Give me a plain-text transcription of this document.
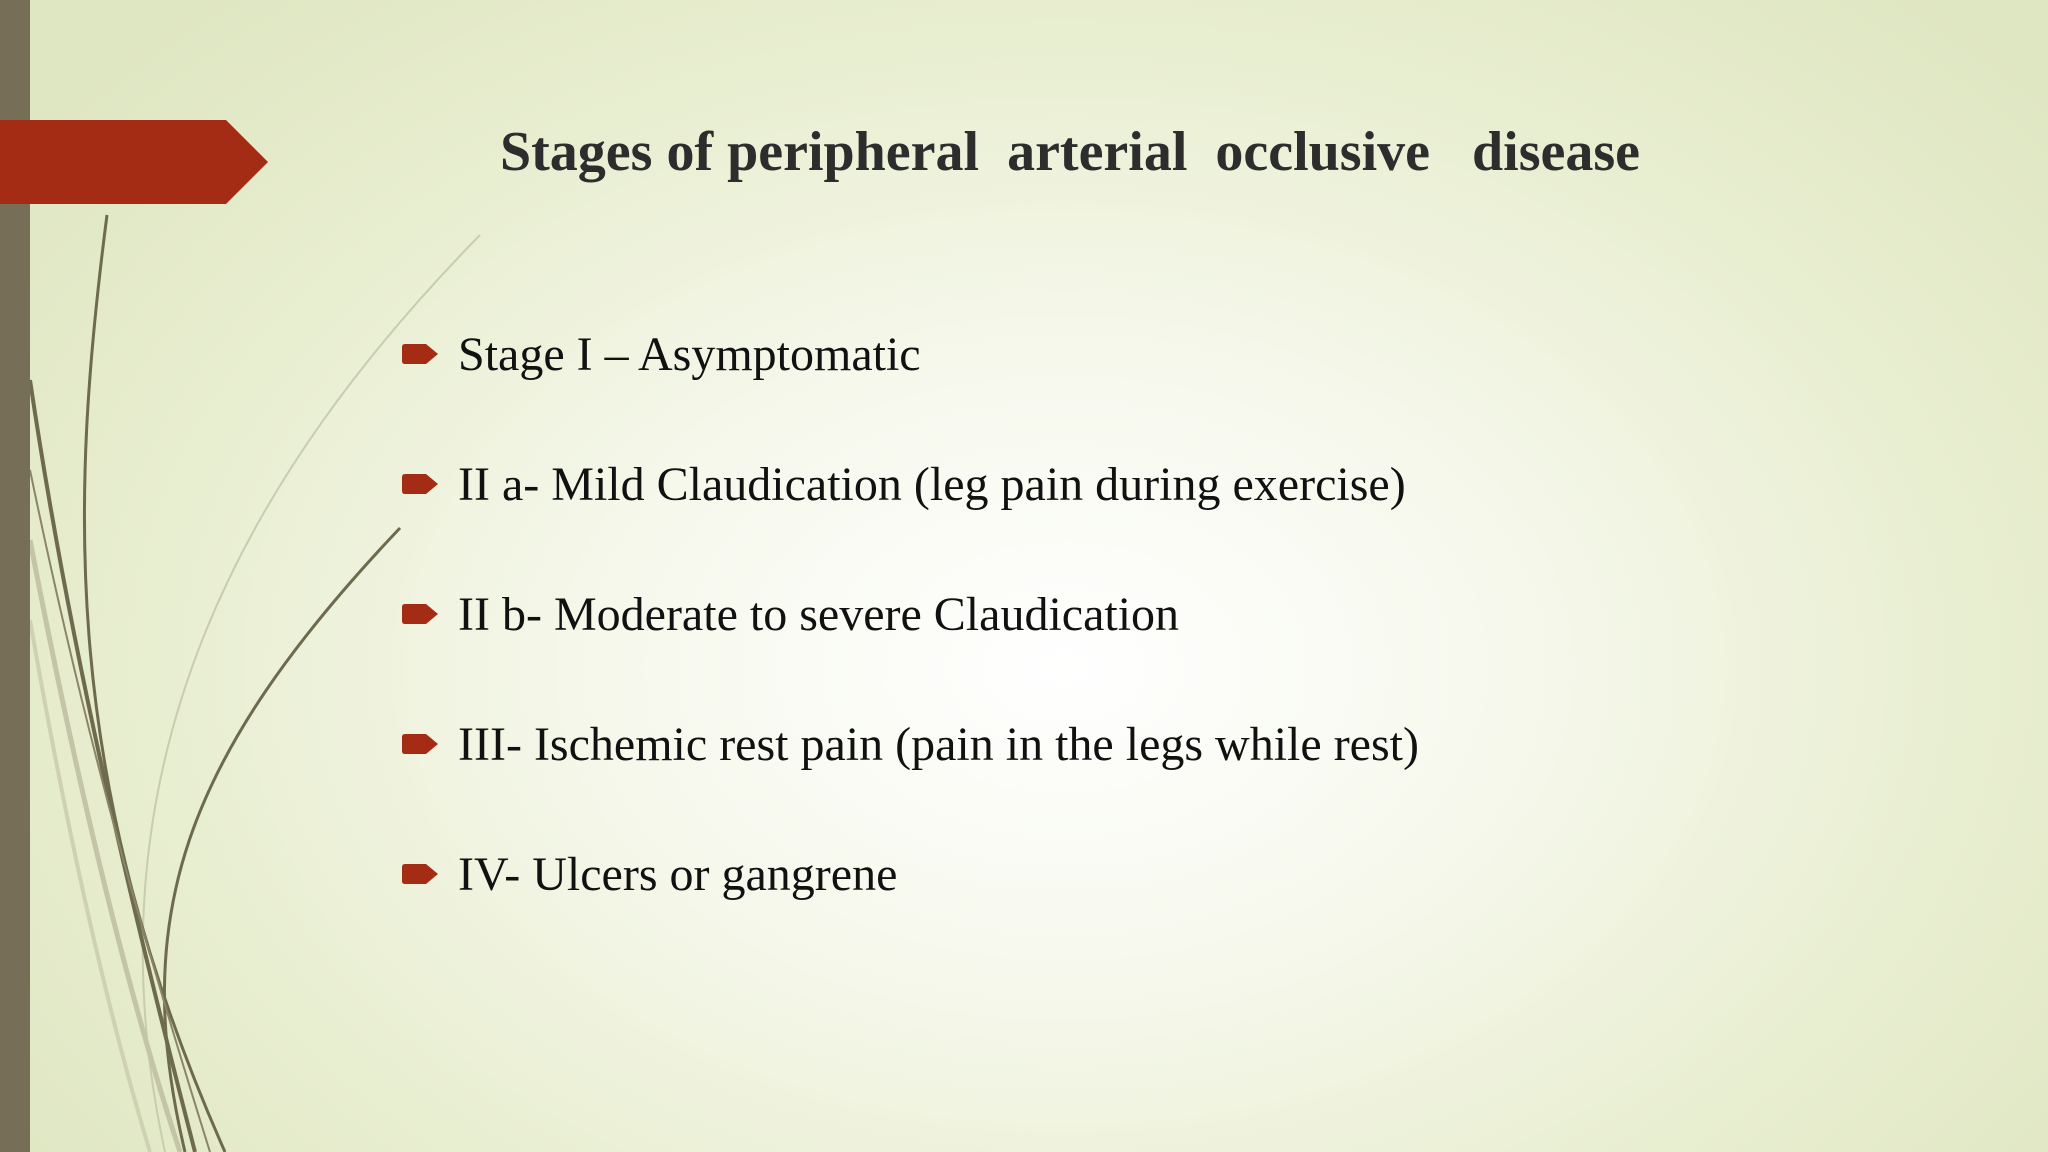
Stages of peripheral  arterial  occlusive   disease
Stage I – Asymptomatic
II a- Mild Claudication (leg pain during exercise)
II b- Moderate to severe Claudication
III- Ischemic rest pain (pain in the legs while rest)
IV- Ulcers or gangrene
